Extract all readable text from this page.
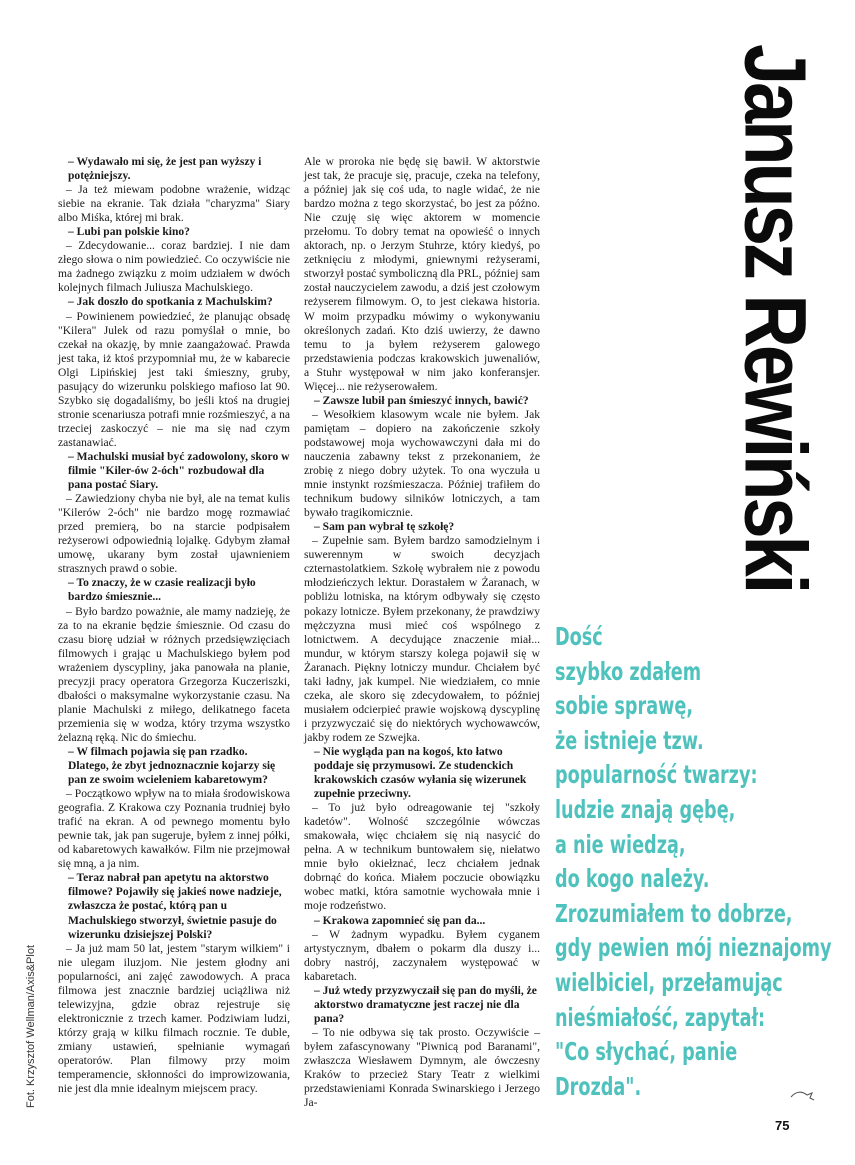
Janusz Rewiński

– Wydawało mi się, że jest pan wyższy i potężniejszy.

– Ja też miewam podobne wrażenie, widząc siebie na ekranie. Tak działa "charyzma" Siary albo Miśka, której mi brak.

– Lubi pan polskie kino?

– Zdecydowanie... coraz bardziej. I nie dam złego słowa o nim powiedzieć. Co oczywiście nie ma żadnego związku z moim udziałem w dwóch kolejnych filmach Juliusza Machulskiego.

– Jak doszło do spotkania z Machulskim?

– Powinienem powiedzieć, że planując obsadę "Kilera" Julek od razu pomyślał o mnie, bo czekał na okazję, by mnie zaangażować. Prawda jest taka, iż ktoś przypomniał mu, że w kabarecie Olgi Lipińskiej jest taki śmieszny, gruby, pasujący do wizerunku polskiego mafioso lat 90. Szybko się dogadaliśmy, bo jeśli ktoś na drugiej stronie scenariusza potrafi mnie rozśmieszyć, a na trzeciej zaskoczyć – nie ma się nad czym zastanawiać.

– Machulski musiał być zadowolony, skoro w filmie "Kiler-ów 2-óch" rozbudował dla pana postać Siary.

– Zawiedziony chyba nie był, ale na temat kulis "Kilerów 2-óch" nie bardzo mogę rozmawiać przed premierą, bo na starcie podpisałem reżyserowi odpowiednią lojalkę. Gdybym złamał umowę, ukarany bym został ujawnieniem strasznych prawd o sobie.

– To znaczy, że w czasie realizacji było bardzo śmiesznie...

– Było bardzo poważnie, ale mamy nadzieję, że za to na ekranie będzie śmiesznie. Od czasu do czasu biorę udział w różnych przedsięwzięciach filmowych i grając u Machulskiego byłem pod wrażeniem dyscypliny, jaka panowała na planie, precyzji pracy operatora Grzegorza Kuczeriszki, dbałości o maksymalne wykorzystanie czasu. Na planie Machulski z miłego, delikatnego faceta przemienia się w wodza, który trzyma wszystko żelazną ręką. Nic do śmiechu.

– W filmach pojawia się pan rzadko. Dlatego, że zbyt jednoznacznie kojarzy się pan ze swoim wcieleniem kabaretowym?

– Początkowo wpływ na to miała środowiskowa geografia. Z Krakowa czy Poznania trudniej było trafić na ekran. A od pewnego momentu było pewnie tak, jak pan sugeruje, byłem z innej półki, od kabaretowych kawałków. Film nie przejmował się mną, a ja nim.

– Teraz nabrał pan apetytu na aktorstwo filmowe? Pojawiły się jakieś nowe nadzieje, zwłaszcza że postać, którą pan u Machulskiego stworzył, świetnie pasuje do wizerunku dzisiejszej Polski?

– Ja już mam 50 lat, jestem "starym wilkiem" i nie ulegam iluzjom. Nie jestem głodny ani popularności, ani zajęć zawodowych. A praca filmowa jest znacznie bardziej uciążliwa niż telewizyjna, gdzie obraz rejestruje się elektronicznie z trzech kamer. Podziwiam ludzi, którzy grają w kilku filmach rocznie. Te duble, zmiany ustawień, spełnianie wymagań operatorów. Plan filmowy przy moim temperamencie, skłonności do improwizowania, nie jest dla mnie idealnym miejscem pracy.

Ale w proroka nie będę się bawił. W aktorstwie jest tak, że pracuje się, pracuje, czeka na telefony, a później jak się coś uda, to nagle widać, że nie bardzo można z tego skorzystać, bo jest za późno. Nie czuję się więc aktorem w momencie przełomu. To dobry temat na opowieść o innych aktorach, np. o Jerzym Stuhrze, który kiedyś, po zetknięciu z młodymi, gniewnymi reżyserami, stworzył postać symboliczną dla PRL, później sam został nauczycielem zawodu, a dziś jest czołowym reżyserem filmowym. O, to jest ciekawa historia. W moim przypadku mówimy o wykonywaniu określonych zadań. Kto dziś uwierzy, że dawno temu to ja byłem reżyserem galowego przedstawienia podczas krakowskich juwenaliów, a Stuhr występował w nim jako konferansjer. Więcej... nie reżyserowałem.

– Zawsze lubił pan śmieszyć innych, bawić?

– Wesołkiem klasowym wcale nie byłem. Jak pamiętam – dopiero na zakończenie szkoły podstawowej moja wychowawczyni dała mi do nauczenia zabawny tekst z przekonaniem, że zrobię z niego dobry użytek. To ona wyczuła u mnie instynkt rozśmieszacza. Później trafiłem do technikum budowy silników lotniczych, a tam bywało tragikomicznie.

– Sam pan wybrał tę szkołę?

– Zupełnie sam. Byłem bardzo samodzielnym i suwerennym w swoich decyzjach czternastolatkiem. Szkołę wybrałem nie z powodu młodzieńczych lektur. Dorastałem w Żaranach, w pobliżu lotniska, na którym odbywały się często pokazy lotnicze. Byłem przekonany, że prawdziwy mężczyzna musi mieć coś wspólnego z lotnictwem. A decydujące znaczenie miał... mundur, w którym starszy kolega pojawił się w Żaranach. Piękny lotniczy mundur. Chciałem być taki ładny, jak kumpel. Nie wiedziałem, co mnie czeka, ale skoro się zdecydowałem, to później musiałem odcierpieć prawie wojskową dyscyplinę i przyzwyczaić się do niektórych wychowawców, jakby rodem ze Szwejka.

– Nie wygląda pan na kogoś, kto łatwo poddaje się przymusowi. Ze studenckich krakowskich czasów wyłania się wizerunek zupełnie przeciwny.

– To już było odreagowanie tej "szkoły kadetów". Wolność szczególnie wówczas smakowała, więc chciałem się nią nasycić do pełna. A w technikum buntowałem się, niełatwo mnie było okiełznać, lecz chciałem jednak dobrnąć do końca. Miałem poczucie obowiązku wobec matki, która samotnie wychowała mnie i moje rodzeństwo.

– Krakowa zapomnieć się pan da...

– W żadnym wypadku. Byłem cyganem artystycznym, dbałem o pokarm dla duszy i... dobry nastrój, zaczynałem występować w kabaretach.

– Już wtedy przyzwyczaił się pan do myśli, że aktorstwo dramatyczne jest raczej nie dla pana?

– To nie odbywa się tak prosto. Oczywiście – byłem zafascynowany "Piwnicą pod Baranami", zwłaszcza Wiesławem Dymnym, ale ówczesny Kraków to przecież Stary Teatr z wielkimi przedstawieniami Konrada Swinarskiego i Jerzego Ja-

Dość
szybko zdałem
sobie sprawę,
że istnieje tzw.
popularność twarzy:
ludzie znają gębę,
a nie wiedzą,
do kogo należy.
Zrozumiałem to dobrze,
gdy pewien mój nieznajomy
wielbiciel, przełamując
nieśmiałość, zapytał:
"Co słychać, panie
Drozda".
Fot. Krzysztof Wellman/Axis&Plot
75
